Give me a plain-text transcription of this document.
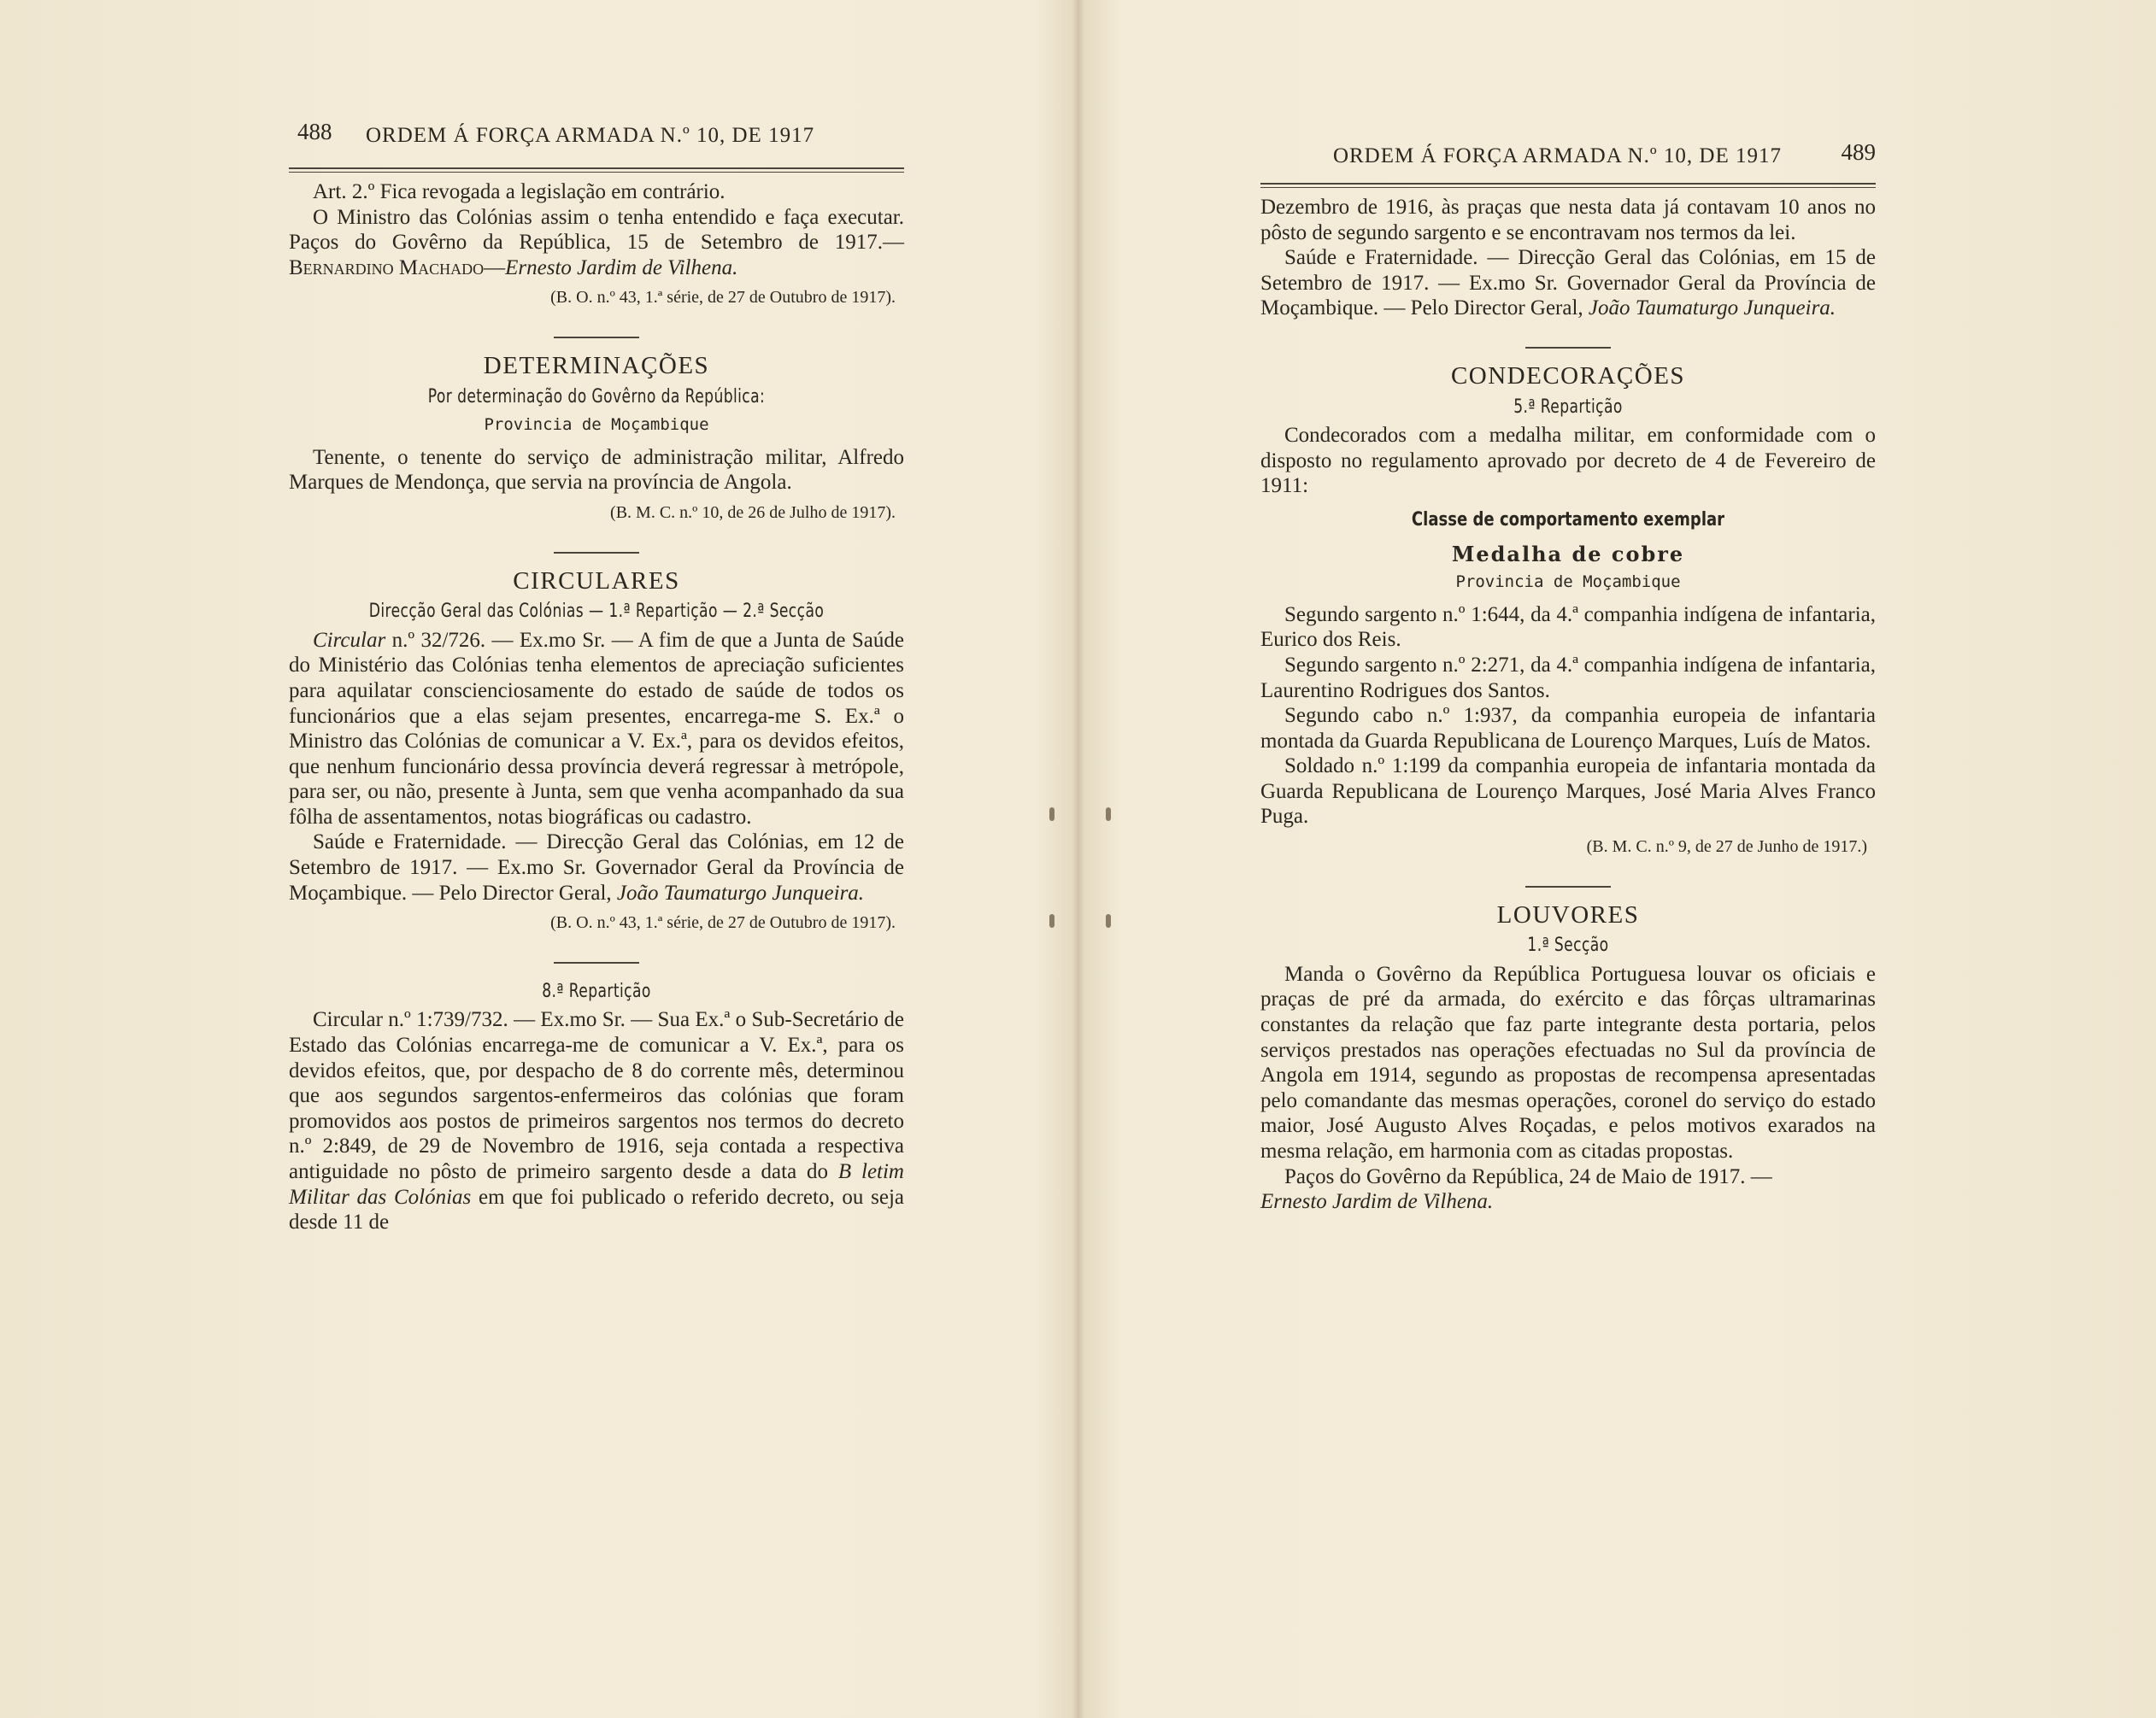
488 ORDEM Á FORÇA ARMADA N.º 10, DE 1917

Art. 2.º Fica revogada a legislação em contrário.

O Ministro das Colónias assim o tenha entendido e faça executar. Paços do Govêrno da República, 15 de Setembro de 1917.—Bernardino Machado—Ernesto Jardim de Vilhena.

(B. O. n.º 43, 1.ª série, de 27 de Outubro de 1917).

DETERMINAÇÕES
Por determinação do Govêrno da República:
Provincia de Moçambique

Tenente, o tenente do serviço de administração militar, Alfredo Marques de Mendonça, que servia na província de Angola.

(B. M. C. n.º 10, de 26 de Julho de 1917).

CIRCULARES
Direcção Geral das Colónias — 1.ª Repartição — 2.ª Secção

Circular n.º 32/726. — Ex.mo Sr. — A fim de que a Junta de Saúde do Ministério das Colónias tenha elementos de apreciação suficientes para aquilatar conscienciosamente do estado de saúde de todos os funcionários que a elas sejam presentes, encarrega-me S. Ex.ª o Ministro das Colónias de comunicar a V. Ex.ª, para os devidos efeitos, que nenhum funcionário dessa província deverá regressar à metrópole, para ser, ou não, presente à Junta, sem que venha acompanhado da sua fôlha de assentamentos, notas biográficas ou cadastro.

Saúde e Fraternidade. — Direcção Geral das Colónias, em 12 de Setembro de 1917. — Ex.mo Sr. Governador Geral da Província de Moçambique. — Pelo Director Geral, João Taumaturgo Junqueira.

(B. O. n.º 43, 1.ª série, de 27 de Outubro de 1917).

8.ª Repartição

Circular n.º 1:739/732. — Ex.mo Sr. — Sua Ex.ª o Sub-Secretário de Estado das Colónias encarrega-me de comunicar a V. Ex.ª, para os devidos efeitos, que, por despacho de 8 do corrente mês, determinou que aos segundos sargentos-enfermeiros das colónias que foram promovidos aos postos de primeiros sargentos nos termos do decreto n.º 2:849, de 29 de Novembro de 1916, seja contada a respectiva antiguidade no pôsto de primeiro sargento desde a data do B letim Militar das Colónias em que foi publicado o referido decreto, ou seja desde 11 de

ORDEM Á FORÇA ARMADA N.º 10, DE 1917	489

Dezembro de 1916, às praças que nesta data já contavam 10 anos no pôsto de segundo sargento e se encontravam nos termos da lei.

Saúde e Fraternidade. — Direcção Geral das Colónias, em 15 de Setembro de 1917. — Ex.mo Sr. Governador Geral da Província de Moçambique. — Pelo Director Geral, João Taumaturgo Junqueira.

CONDECORAÇÕES
5.ª Repartição

Condecorados com a medalha militar, em conformidade com o disposto no regulamento aprovado por decreto de 4 de Fevereiro de 1911:

Classe de comportamento exemplar
Medalha de cobre
Provincia de Moçambique

Segundo sargento n.º 1:644, da 4.ª companhia indígena de infantaria, Eurico dos Reis.

Segundo sargento n.º 2:271, da 4.ª companhia indígena de infantaria, Laurentino Rodrigues dos Santos.

Segundo cabo n.º 1:937, da companhia europeia de infantaria montada da Guarda Republicana de Lourenço Marques, Luís de Matos.

Soldado n.º 1:199 da companhia europeia de infantaria montada da Guarda Republicana de Lourenço Marques, José Maria Alves Franco Puga.

(B. M. C. n.º 9, de 27 de Junho de 1917.)

LOUVORES
1.ª Secção

Manda o Govêrno da República Portuguesa louvar os oficiais e praças de pré da armada, do exército e das fôrças ultramarinas constantes da relação que faz parte integrante desta portaria, pelos serviços prestados nas operações efectuadas no Sul da província de Angola em 1914, segundo as propostas de recompensa apresentadas pelo comandante das mesmas operações, coronel do serviço do estado maior, José Augusto Alves Roçadas, e pelos motivos exarados na mesma relação, em harmonia com as citadas propostas.

Paços do Govêrno da República, 24 de Maio de 1917. —

Ernesto Jardim de Vilhena.
